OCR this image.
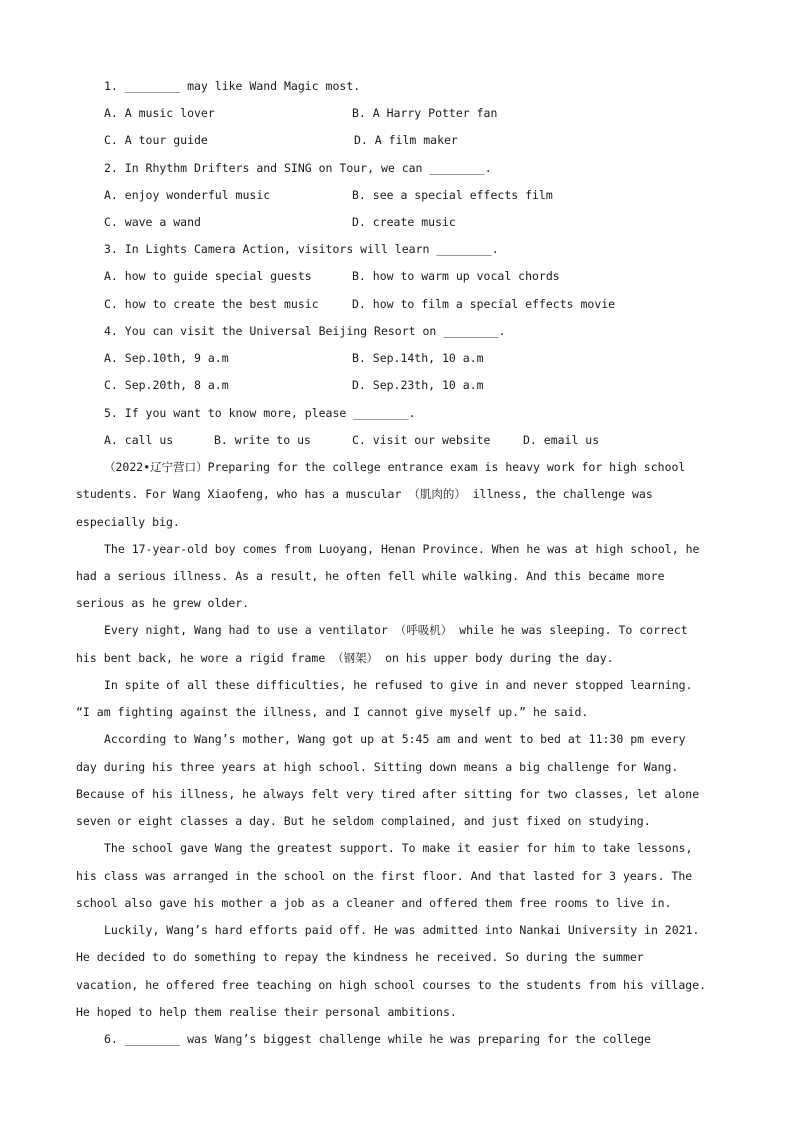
1. ________ may like Wand Magic most.
A. A music lover	B. A Harry Potter fan
C. A tour guide	D. A film maker
2. In Rhythm Drifters and SING on Tour, we can ________.
A. enjoy wonderful music	B. see a special effects film
C. wave a wand	D. create music
3. In Lights Camera Action, visitors will learn ________.
A. how to guide special guests	B. how to warm up vocal chords
C. how to create the best music	D. how to film a special effects movie
4. You can visit the Universal Beijing Resort on ________.
A. Sep.10th, 9 a.m	B. Sep.14th, 10 a.m
C. Sep.20th, 8 a.m	D. Sep.23th, 10 a.m
5. If you want to know more, please ________.
A. call us	B. write to us	C. visit our website	D. email us
（2022•辽宁营口）Preparing for the college entrance exam is heavy work for high school
students. For Wang Xiaofeng, who has a muscular （肌肉的） illness, the challenge was
especially big.
The 17-year-old boy comes from Luoyang, Henan Province. When he was at high school, he
had a serious illness. As a result, he often fell while walking. And this became more
serious as he grew older.
Every night, Wang had to use a ventilator （呼吸机） while he was sleeping. To correct
his bent back, he wore a rigid frame （钢架） on his upper body during the day.
In spite of all these difficulties, he refused to give in and never stopped learning.
“I am fighting against the illness, and I cannot give myself up.” he said.
According to Wang’s mother, Wang got up at 5:45 am and went to bed at 11:30 pm every
day during his three years at high school. Sitting down means a big challenge for Wang.
Because of his illness, he always felt very tired after sitting for two classes, let alone
seven or eight classes a day. But he seldom complained, and just fixed on studying.
The school gave Wang the greatest support. To make it easier for him to take lessons,
his class was arranged in the school on the first floor. And that lasted for 3 years. The
school also gave his mother a job as a cleaner and offered them free rooms to live in.
Luckily, Wang’s hard efforts paid off. He was admitted into Nankai University in 2021.
He decided to do something to repay the kindness he received. So during the summer
vacation, he offered free teaching on high school courses to the students from his village.
He hoped to help them realise their personal ambitions.
6. ________ was Wang’s biggest challenge while he was preparing for the college
